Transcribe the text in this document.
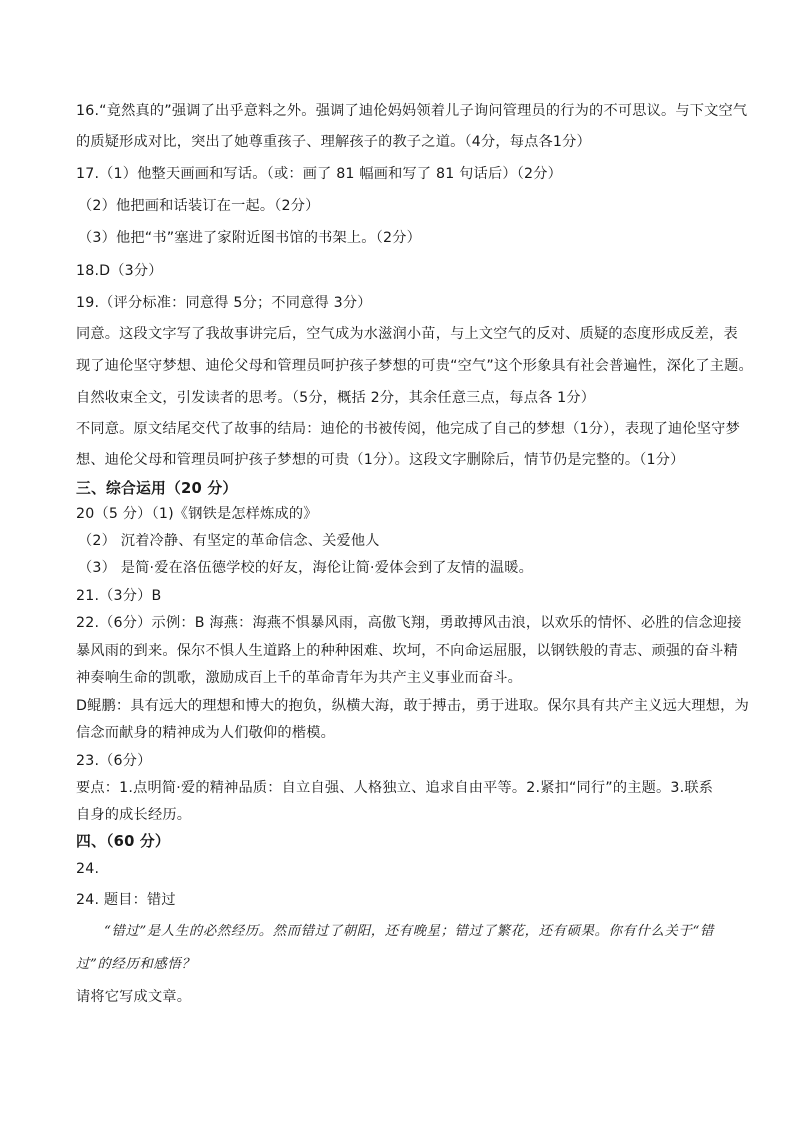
16.“竟然真的”强调了出乎意料之外。强调了迪伦妈妈领着儿子询问管理员的行为的不可思议。与下文空气
的质疑形成对比，突出了她尊重孩子、理解孩子的教子之道。（4分，每点各1分）
17.（1）他整天画画和写话。（或：画了 81 幅画和写了 81 句话后）（2分）
（2）他把画和话装订在一起。（2分）
（3）他把“书”塞进了家附近图书馆的书架上。（2分）
18.D（3分）
19.（评分标准：同意得 5分；不同意得 3分）
同意。这段文字写了我故事讲完后，空气成为水滋润小苗，与上文空气的反对、质疑的态度形成反差，表
现了迪伦坚守梦想、迪伦父母和管理员呵护孩子梦想的可贵“空气”这个形象具有社会普遍性，深化了主题。
自然收束全文，引发读者的思考。（5分，概括 2分，其余任意三点，每点各 1分）
不同意。原文结尾交代了故事的结局：迪伦的书被传阅，他完成了自己的梦想（1分），表现了迪伦坚守梦
想、迪伦父母和管理员呵护孩子梦想的可贵（1分）。这段文字删除后，情节仍是完整的。（1分）
三、综合运用（20 分）
20（5 分）（1)《钢铁是怎样炼成的》
（2） 沉着冷静、有坚定的革命信念、关爱他人
（3） 是简·爱在洛伍德学校的好友，海伦让简·爱体会到了友情的温暖。
21.（3分）B
22.（6分）示例：B 海燕：海燕不惧暴风雨，高傲飞翔，勇敢搏风击浪，以欢乐的情怀、必胜的信念迎接
暴风雨的到来。保尔不惧人生道路上的种种困难、坎坷，不向命运屈服，以钢铁般的青志、顽强的奋斗精
神奏响生命的凯歌，激励成百上千的革命青年为共产主义事业而奋斗。
D鲲鹏：具有远大的理想和博大的抱负，纵横大海，敢于搏击，勇于进取。保尔具有共产主义远大理想，为
信念而献身的精神成为人们敬仰的楷模。
23.（6分）
要点：1.点明简·爱的精神品质：自立自强、人格独立、追求自由平等。2.紧扣“同行”的主题。3.联系
自身的成长经历。
四、（60 分）
24.
24. 题目：错过
“错过”是人生的必然经历。然而错过了朝阳，还有晚星；错过了繁花，还有硕果。你有什么关于“错
过”的经历和感悟？
请将它写成文章。
